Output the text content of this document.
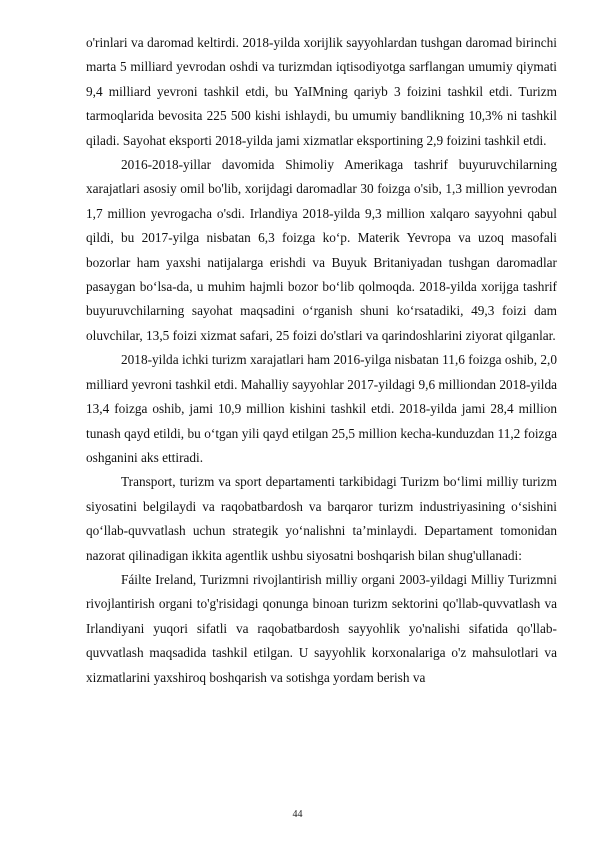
o'rinlari va daromad keltirdi. 2018-yilda xorijlik sayyohlardan tushgan daromad birinchi marta 5 milliard yevrodan oshdi va turizmdan iqtisodiyotga sarflangan umumiy qiymati 9,4 milliard yevroni tashkil etdi, bu YaIMning qariyb 3 foizini tashkil etdi. Turizm tarmoqlarida bevosita 225 500 kishi ishlaydi, bu umumiy bandlikning 10,3% ni tashkil qiladi. Sayohat eksporti 2018-yilda jami xizmatlar eksportining 2,9 foizini tashkil etdi.

2016-2018-yillar davomida Shimoliy Amerikaga tashrif buyuruvchilarning xarajatlari asosiy omil bo'lib, xorijdagi daromadlar 30 foizga o'sib, 1,3 million yevrodan 1,7 million yevrogacha o'sdi. Irlandiya 2018-yilda 9,3 million xalqaro sayyohni qabul qildi, bu 2017-yilga nisbatan 6,3 foizga ko‘p. Materik Yevropa va uzoq masofali bozorlar ham yaxshi natijalarga erishdi va Buyuk Britaniyadan tushgan daromadlar pasaygan bo‘lsa-da, u muhim hajmli bozor bo‘lib qolmoqda. 2018-yilda xorijga tashrif buyuruvchilarning sayohat maqsadini o‘rganish shuni ko‘rsatadiki, 49,3 foizi dam oluvchilar, 13,5 foizi xizmat safari, 25 foizi do'stlari va qarindoshlarini ziyorat qilganlar.

2018-yilda ichki turizm xarajatlari ham 2016-yilga nisbatan 11,6 foizga oshib, 2,0 milliard yevroni tashkil etdi. Mahalliy sayyohlar 2017-yildagi 9,6 milliondan 2018-yilda 13,4 foizga oshib, jami 10,9 million kishini tashkil etdi. 2018-yilda jami 28,4 million tunash qayd etildi, bu o‘tgan yili qayd etilgan 25,5 million kecha-kunduzdan 11,2 foizga oshganini aks ettiradi.

Transport, turizm va sport departamenti tarkibidagi Turizm bo‘limi milliy turizm siyosatini belgilaydi va raqobatbardosh va barqaror turizm industriyasining o‘sishini qo‘llab-quvvatlash uchun strategik yo‘nalishni ta’minlaydi. Departament tomonidan nazorat qilinadigan ikkita agentlik ushbu siyosatni boshqarish bilan shug'ullanadi:

Fáilte Ireland, Turizmni rivojlantirish milliy organi 2003-yildagi Milliy Turizmni rivojlantirish organi to'g'risidagi qonunga binoan turizm sektorini qo'llab-quvvatlash va Irlandiyani yuqori sifatli va raqobatbardosh sayyohlik yo'nalishi sifatida qo'llab-quvvatlash maqsadida tashkil etilgan. U sayyohlik korxonalariga o'z mahsulotlari va xizmatlarini yaxshiroq boshqarish va sotishga yordam berish va

44
